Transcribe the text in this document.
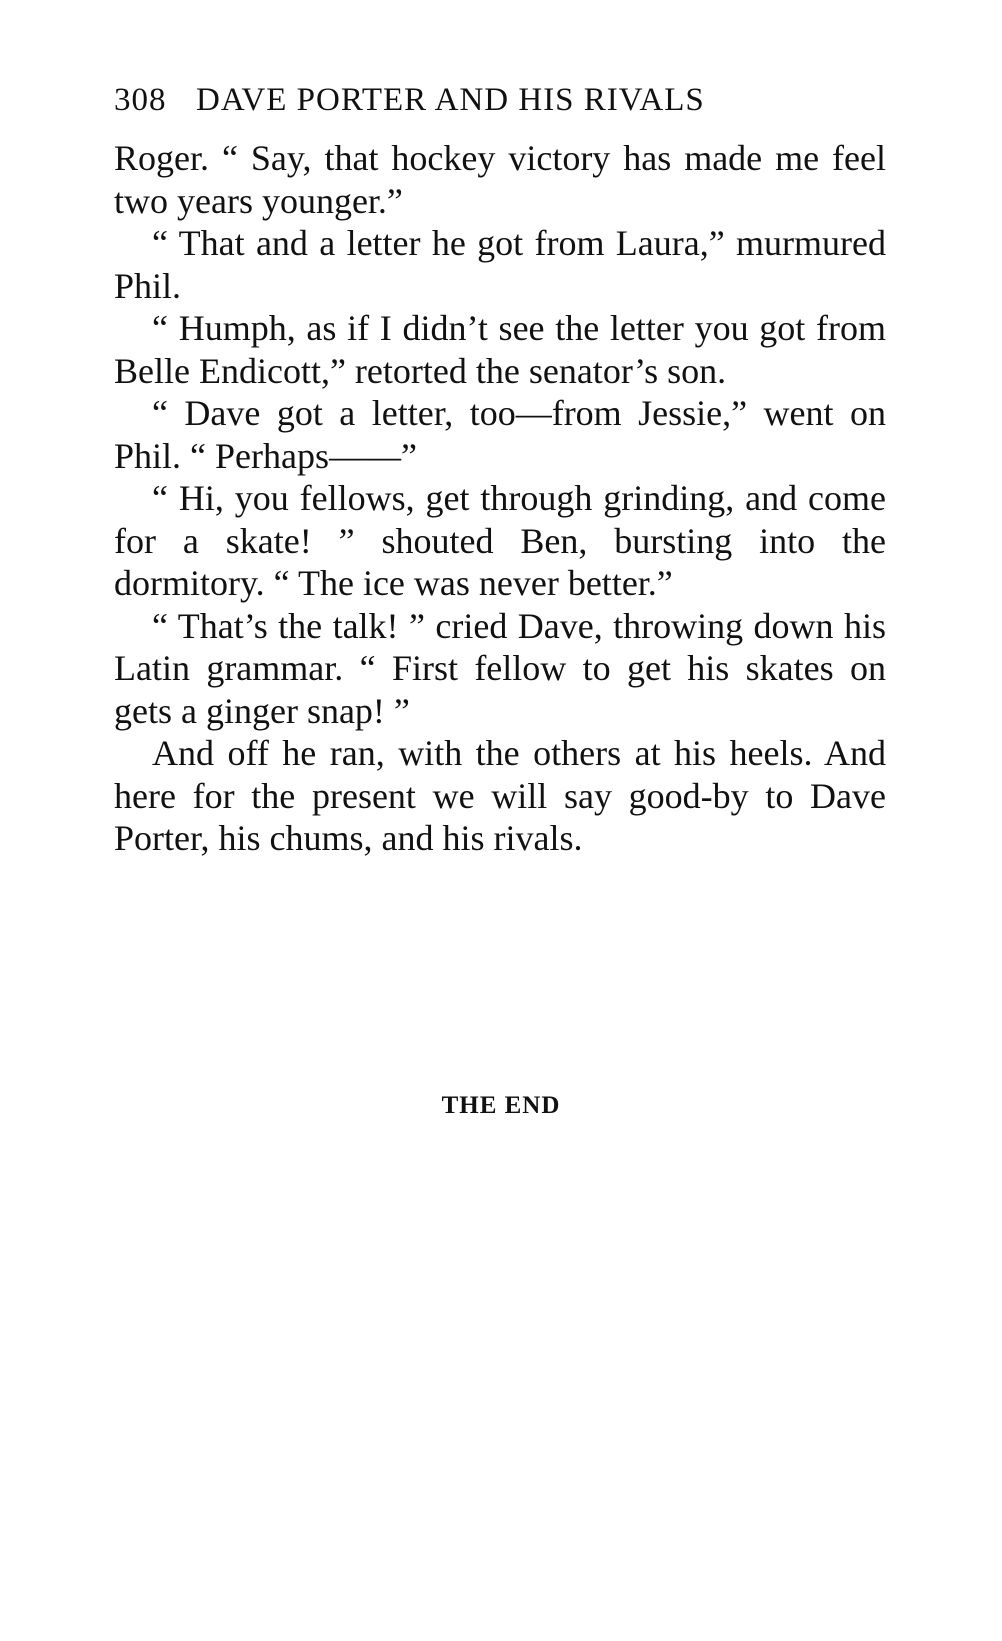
308 DAVE PORTER AND HIS RIVALS

Roger. “ Say, that hockey victory has made me feel two years younger.”

“ That and a letter he got from Laura,” murmured Phil.

“ Humph, as if I didn’t see the letter you got from Belle Endicott,” retorted the senator’s son.

“ Dave got a letter, too—from Jessie,” went on Phil. “ Perhaps——”

“ Hi, you fellows, get through grinding, and come for a skate! ” shouted Ben, bursting into the dormitory. “ The ice was never better.”

“ That’s the talk! ” cried Dave, throwing down his Latin grammar. “ First fellow to get his skates on gets a ginger snap! ”

And off he ran, with the others at his heels. And here for the present we will say good-by to Dave Porter, his chums, and his rivals.

THE END
